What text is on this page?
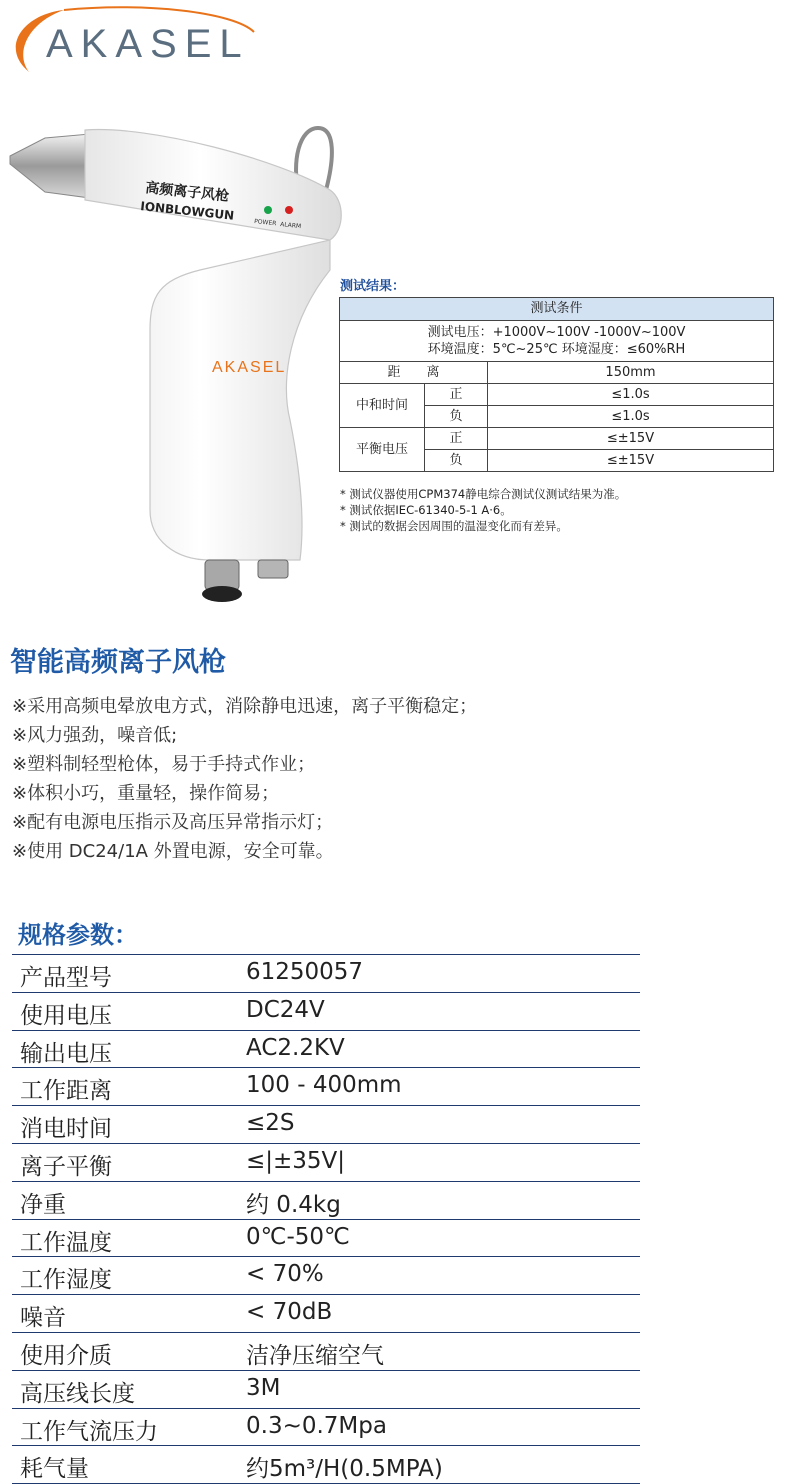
AKASEL
高频离子风枪
IONBLOWGUN	POWER ALARM
AKASEL
测试结果：
测试条件		

测试电压：+1000V~100V -1000V~100V
环境温度：5℃~25℃ 环境湿度：≤60%RH		

距　　离		150mm
中和时间	正	≤1.0s
	负	≤1.0s
平衡电压	正	≤±15V
	负	≤±15V
* 测试仪器使用CPM374静电综合测试仪测试结果为准。
* 测试依据IEC-61340-5-1 A·6。
* 测试的数据会因周围的温湿变化而有差异。
智能高频离子风枪
※采用高频电晕放电方式，消除静电迅速，离子平衡稳定；
※风力强劲，噪音低;
※塑料制轻型枪体，易于手持式作业；
※体积小巧，重量轻，操作简易；
※配有电源电压指示及高压异常指示灯；
※使用 DC24/1A 外置电源，安全可靠。
规格参数：
产品型号	61250057
使用电压	DC24V
输出电压	AC2.2KV
工作距离	100 - 400mm
消电时间	≤2S
离子平衡	≤|±35V|
净重	约 0.4kg
工作温度	0℃-50℃
工作湿度	< 70%
噪音	< 70dB
使用介质	洁净压缩空气
高压线长度	3M
工作气流压力	0.3~0.7Mpa
耗气量	约5m³/H(0.5MPA)
